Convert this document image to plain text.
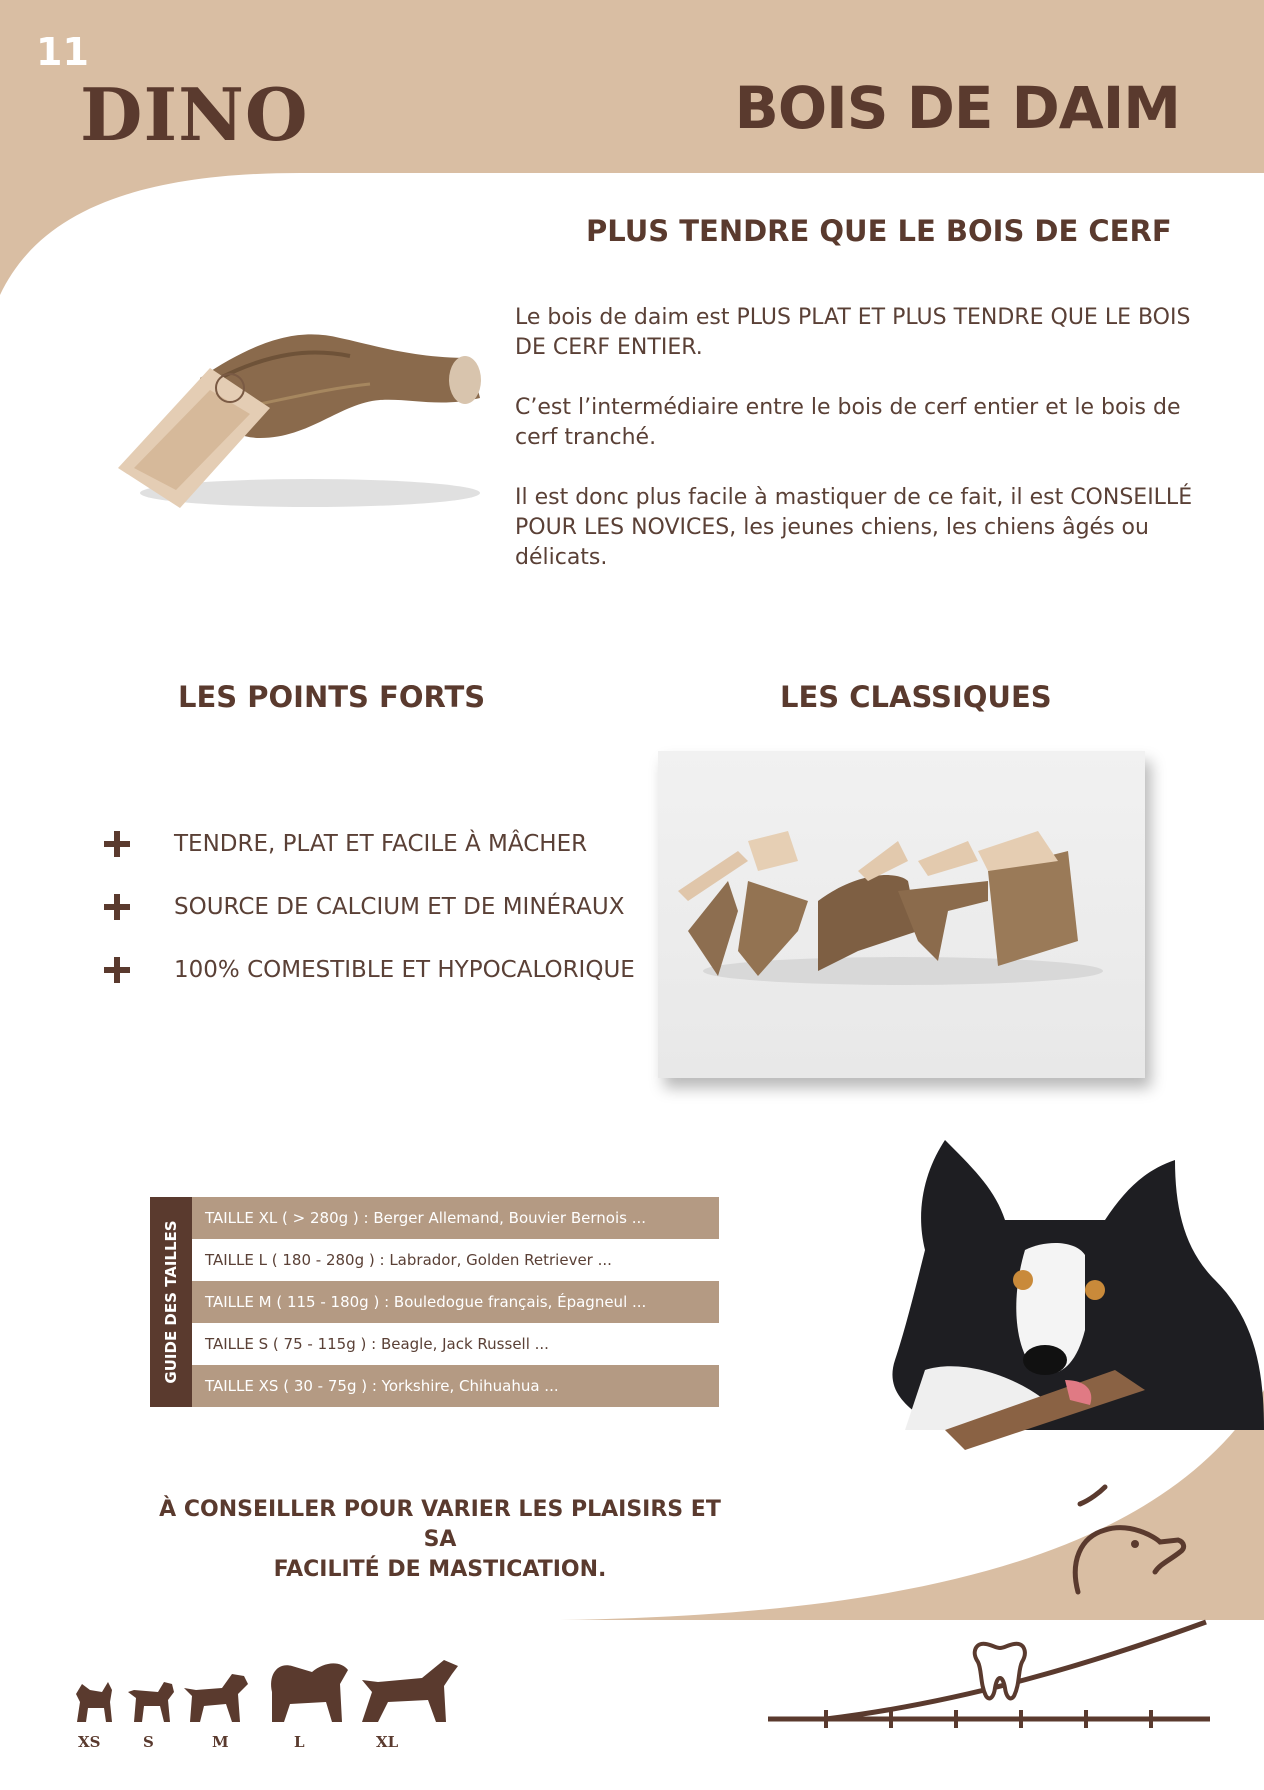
11
DINO	BOIS DE DAIM
PLUS TENDRE QUE LE BOIS DE CERF

Le bois de daim est PLUS PLAT ET PLUS TENDRE QUE LE BOIS DE CERF ENTIER.

C’est l’intermédiaire entre le bois de cerf entier et le bois de cerf tranché.

Il est donc plus facile à mastiquer de ce fait, il est CONSEILLÉ POUR LES NOVICES, les jeunes chiens, les chiens âgés ou délicats.

LES POINTS FORTS	LES CLASSIQUES
TENDRE, PLAT ET FACILE À MÂCHER
SOURCE DE CALCIUM ET DE MINÉRAUX
100% COMESTIBLE ET HYPOCALORIQUE
GUIDE DES TAILLES
TAILLE XL ( > 280g ) : Berger Allemand, Bouvier Bernois ...
TAILLE L ( 180 - 280g ) : Labrador, Golden Retriever ...
TAILLE M ( 115 - 180g ) : Bouledogue français, Épagneul ...
TAILLE S ( 75 - 115g ) : Beagle, Jack Russell ...
TAILLE XS ( 30 - 75g ) : Yorkshire, Chihuahua ...
À CONSEILLER POUR VARIER LES PLAISIRS ET SA
FACILITÉ DE MASTICATION.
XS	S	M	L	XL
